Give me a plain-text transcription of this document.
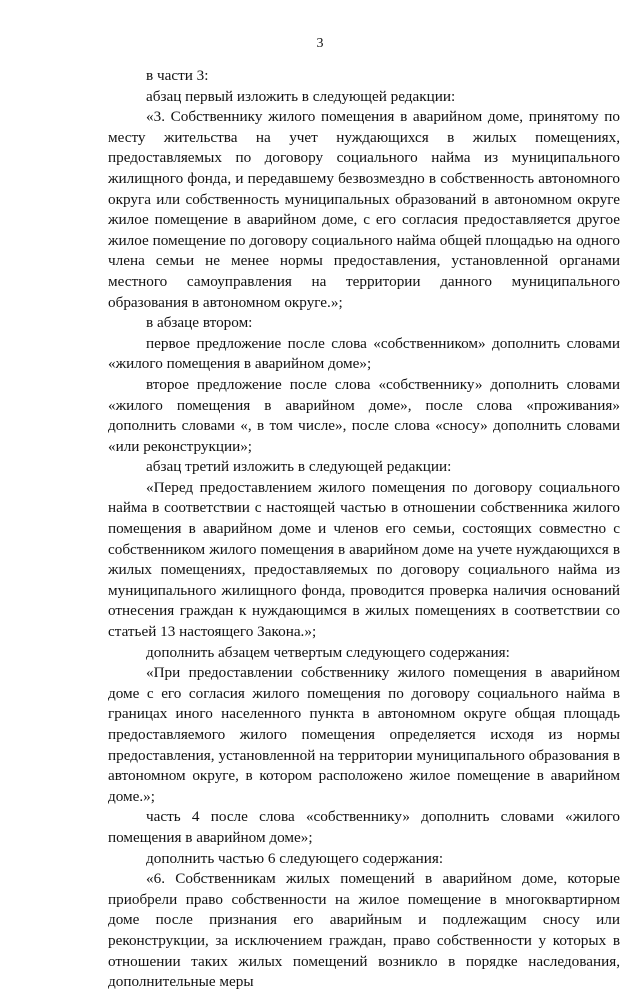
3

в части 3:

абзац первый изложить в следующей редакции:

«3. Собственнику жилого помещения в аварийном доме, принятому по месту жительства на учет нуждающихся в жилых помещениях, предоставляемых по договору социального найма из муниципального жилищного фонда, и передавшему безвозмездно в собственность автономного округа или собственность муниципальных образований в автономном округе жилое помещение в аварийном доме, с его согласия предоставляется другое жилое помещение по договору социального найма общей площадью на одного члена семьи не менее нормы предоставления, установленной органами местного самоуправления на территории данного муниципального образования в автономном округе.»;

в абзаце втором:

первое предложение после слова «собственником» дополнить словами «жилого помещения в аварийном доме»;

второе предложение после слова «собственнику» дополнить словами «жилого помещения в аварийном доме», после слова «проживания» дополнить словами «, в том числе», после слова «сносу» дополнить словами «или реконструкции»;

абзац третий изложить в следующей редакции:

«Перед предоставлением жилого помещения по договору социального найма в соответствии с настоящей частью в отношении собственника жилого помещения в аварийном доме и членов его семьи, состоящих совместно с собственником жилого помещения в аварийном доме на учете нуждающихся в жилых помещениях, предоставляемых по договору социального найма из муниципального жилищного фонда, проводится проверка наличия оснований отнесения граждан к нуждающимся в жилых помещениях в соответствии со статьей 13 настоящего Закона.»;

дополнить абзацем четвертым следующего содержания:

«При предоставлении собственнику жилого помещения в аварийном доме с его согласия жилого помещения по договору социального найма в границах иного населенного пункта в автономном округе общая площадь предоставляемого жилого помещения определяется исходя из нормы предоставления, установленной на территории муниципального образования в автономном округе, в котором расположено жилое помещение в аварийном доме.»;

часть 4 после слова «собственнику» дополнить словами «жилого помещения в аварийном доме»;

дополнить частью 6 следующего содержания:

«6. Собственникам жилых помещений в аварийном доме, которые приобрели право собственности на жилое помещение в многоквартирном доме после признания его аварийным и подлежащим сносу или реконструкции, за исключением граждан, право собственности у которых в отношении таких жилых помещений возникло в порядке наследования, дополнительные меры
